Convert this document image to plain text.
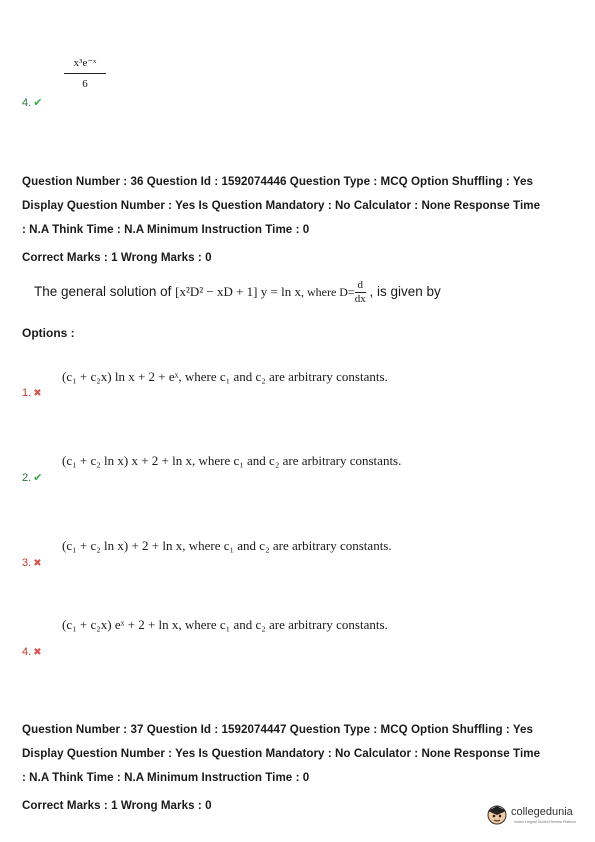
$\frac{\text{x³e⁻ˣ}}{6}$
4. ✔
Question Number : 36 Question Id : 1592074446 Question Type : MCQ Option Shuffling : Yes
Display Question Number : Yes Is Question Mandatory : No Calculator : None Response Time
: N.A Think Time : N.A Minimum Instruction Time : 0
Correct Marks : 1 Wrong Marks : 0
The general solution of [x²D² − xD + 1] y = ln x, where $D= \frac{d}{dx}$ , is given by
Options :
(c₁ + c₂x) ln x + 2 + eˣ, where c₁ and c₂ are arbitrary constants.
1. ✖
(c₁ + c₂ ln x) x + 2 + ln x, where c₁ and c₂ are arbitrary constants.
2. ✔
(c₁ + c₂ ln x) + 2 + ln x, where c₁ and c₂ are arbitrary constants.
3. ✖
(c₁ + c₂x) eˣ + 2 + ln x, where c₁ and c₂ are arbitrary constants.
4. ✖
Question Number : 37 Question Id : 1592074447 Question Type : MCQ Option Shuffling : Yes
Display Question Number : Yes Is Question Mandatory : No Calculator : None Response Time
: N.A Think Time : N.A Minimum Instruction Time : 0
Correct Marks : 1 Wrong Marks : 0	collegedunia
India's Largest Student Review Platform
